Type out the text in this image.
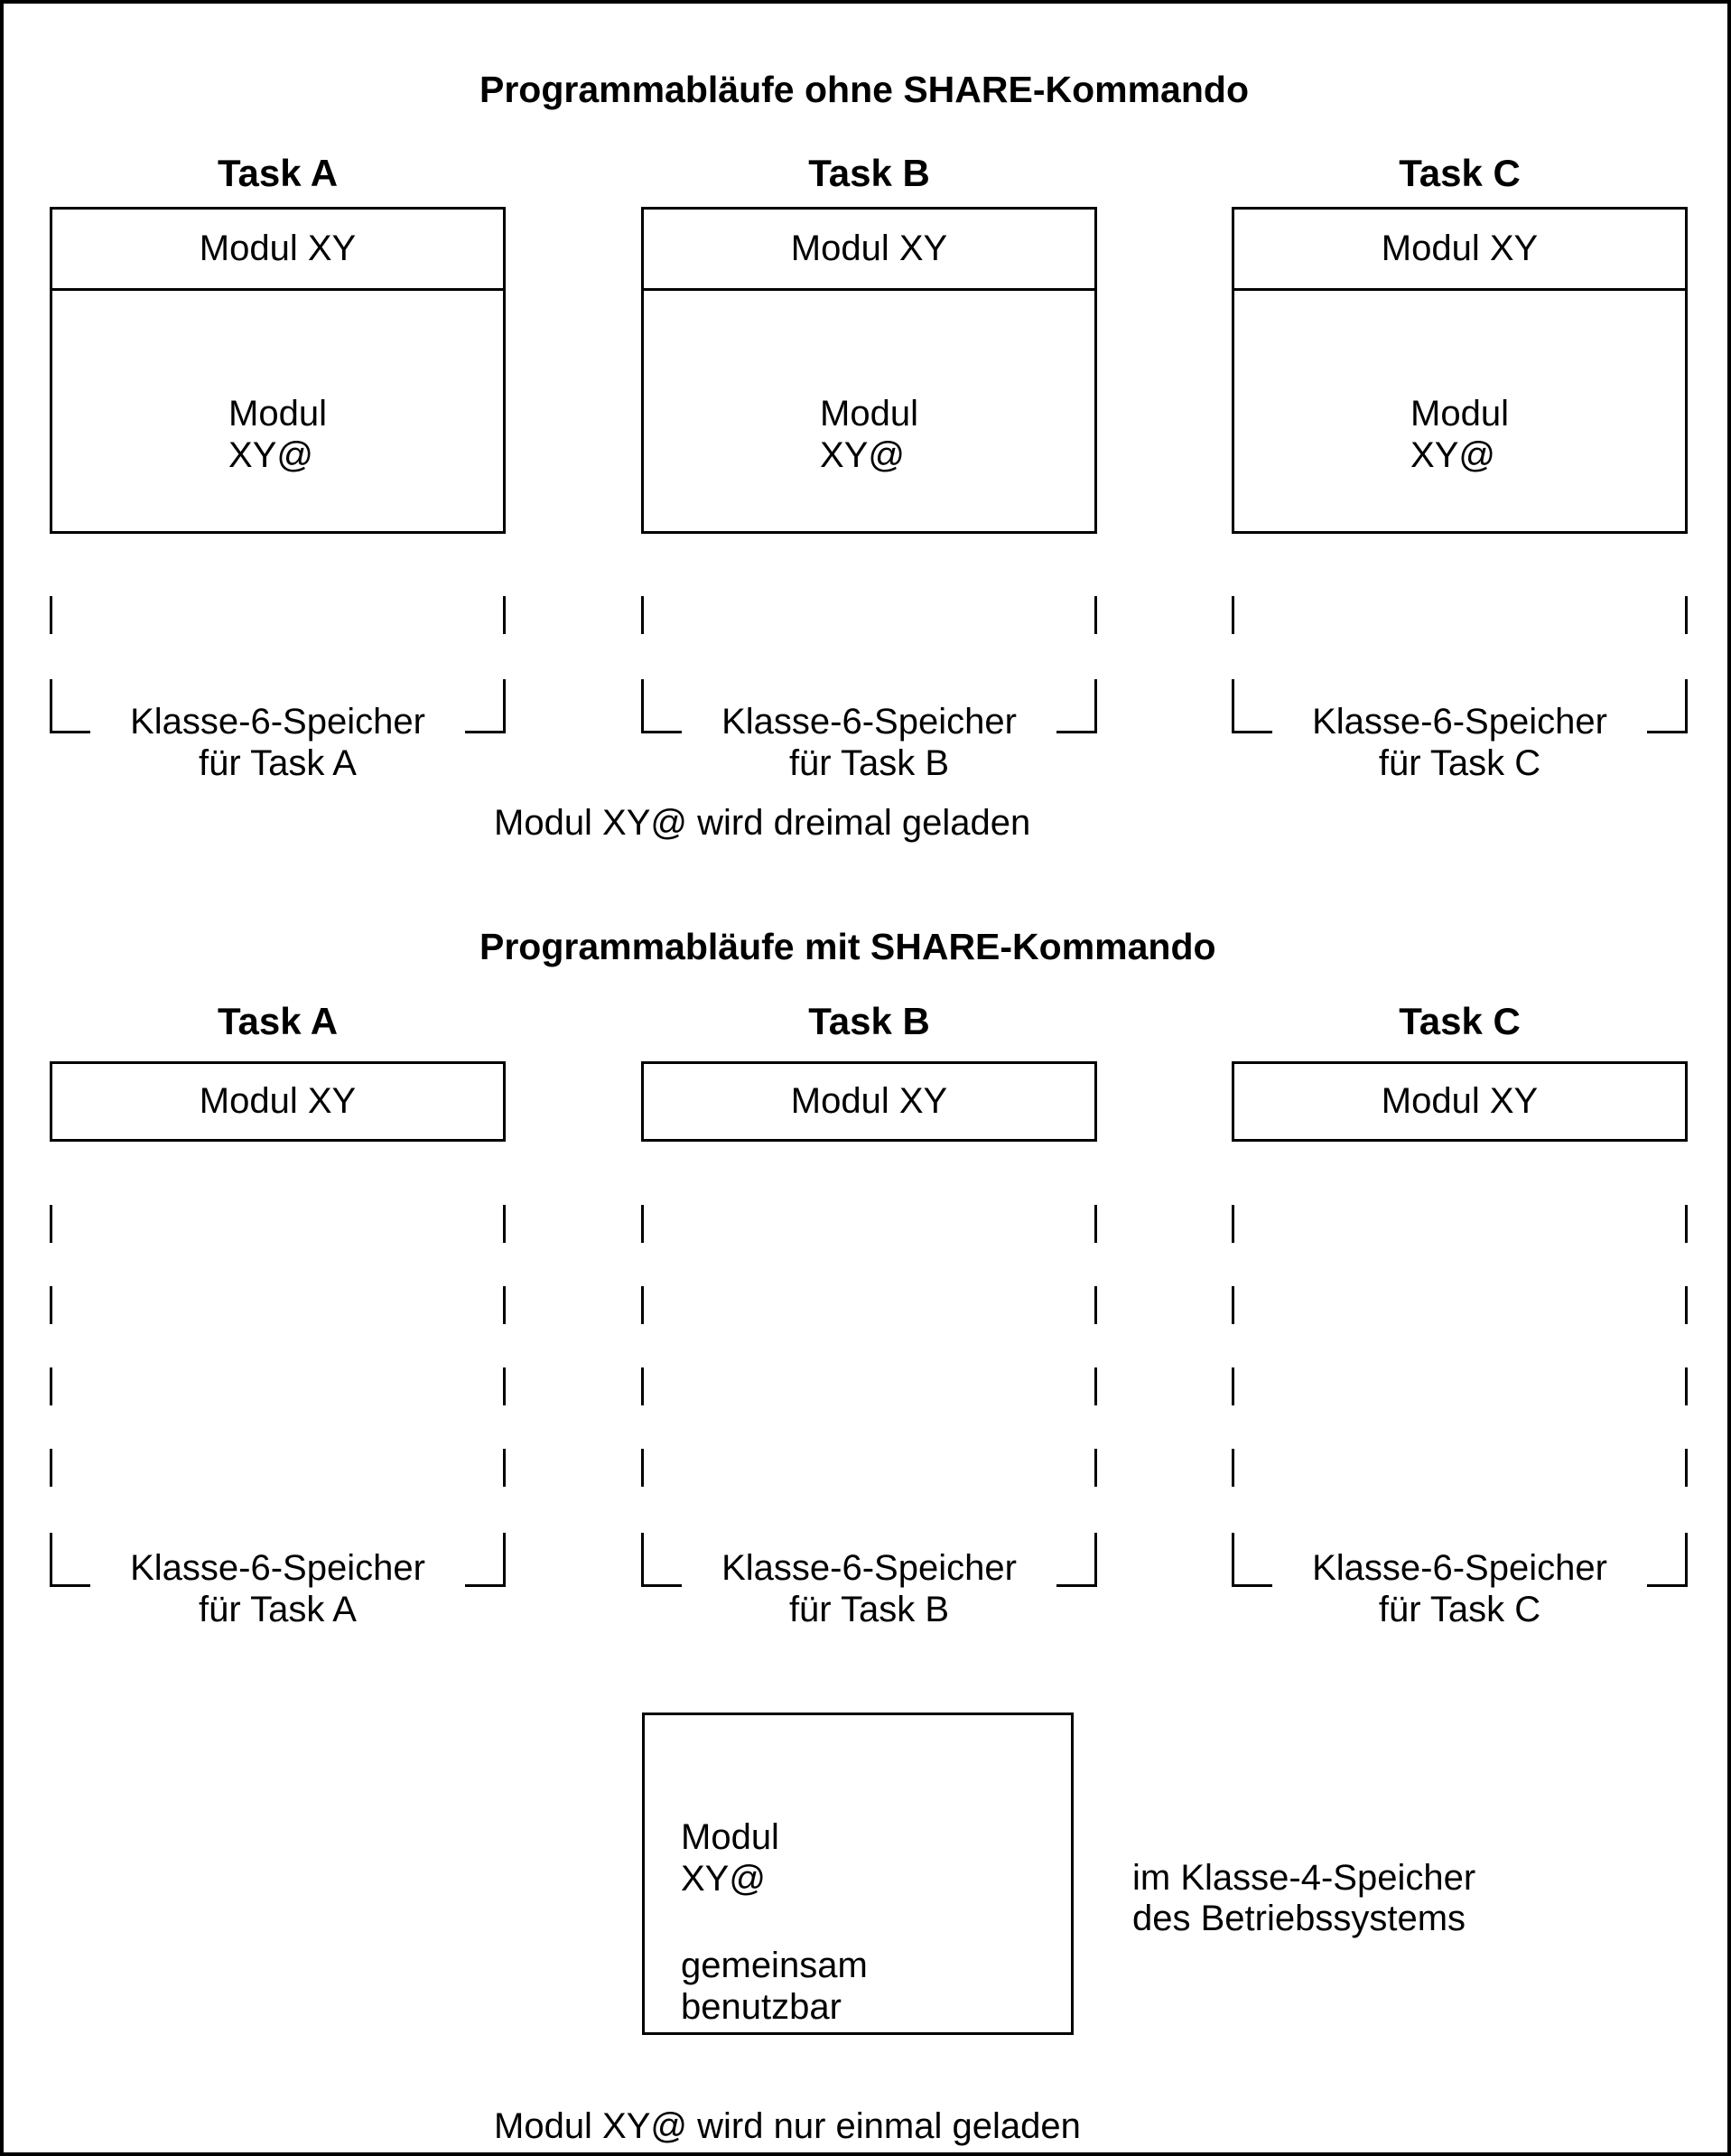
Programmabläufe ohne SHARE-Kommando
Task A	Task B	Task C
Modul XY
Modul
XY@
Modul XY
Modul
XY@
Modul XY
Modul
XY@
Klasse-6-Speicher
für Task A
Klasse-6-Speicher
für Task B
Klasse-6-Speicher
für Task C
Modul XY@ wird dreimal geladen
Programmabläufe mit SHARE-Kommando
Task A	Task B	Task C
Modul XY	Modul XY	Modul XY
Klasse-6-Speicher
für Task A
Klasse-6-Speicher
für Task B
Klasse-6-Speicher
für Task C
Modul
XY@
gemeinsam
benutzbar
im Klasse-4-Speicher
des Betriebssystems
Modul XY@ wird nur einmal geladen
